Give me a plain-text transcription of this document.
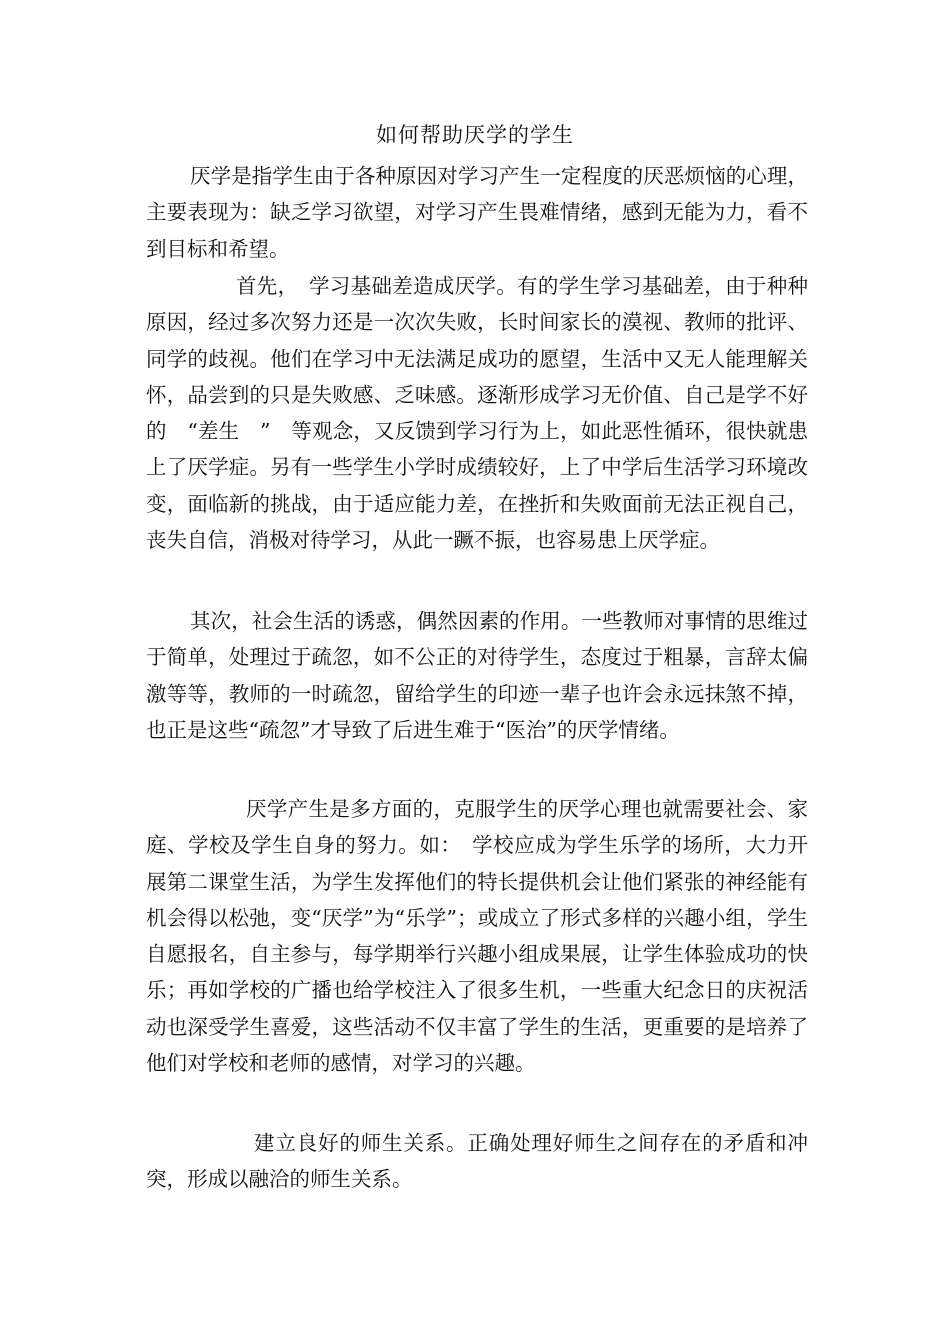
如何帮助厌学的学生

厌学是指学生由于各种原因对学习产生一定程度的厌恶烦恼的心理，主要表现为：缺乏学习欲望，对学习产生畏难情绪，感到无能为力，看不到目标和希望。

首先，　学习基础差造成厌学。有的学生学习基础差，由于种种原因，经过多次努力还是一次次失败，长时间家长的漠视、教师的批评、同学的歧视。他们在学习中无法满足成功的愿望，生活中又无人能理解关怀，品尝到的只是失败感、乏味感。逐渐形成学习无价值、自己是学不好的　“差生　”　等观念，又反馈到学习行为上，如此恶性循环，很快就患上了厌学症。另有一些学生小学时成绩较好，上了中学后生活学习环境改变，面临新的挑战，由于适应能力差，在挫折和失败面前无法正视自己，丧失自信，消极对待学习，从此一蹶不振，也容易患上厌学症。

其次，社会生活的诱惑，偶然因素的作用。一些教师对事情的思维过于简单，处理过于疏忽，如不公正的对待学生，态度过于粗暴，言辞太偏激等等，教师的一时疏忽，留给学生的印迹一辈子也许会永远抹煞不掉，也正是这些“疏忽”才导致了后进生难于“医治”的厌学情绪。

厌学产生是多方面的，克服学生的厌学心理也就需要社会、家庭、学校及学生自身的努力。如：　学校应成为学生乐学的场所，大力开展第二课堂生活，为学生发挥他们的特长提供机会让他们紧张的神经能有机会得以松弛，变“厌学”为“乐学”；或成立了形式多样的兴趣小组，学生自愿报名，自主参与，每学期举行兴趣小组成果展，让学生体验成功的快乐；再如学校的广播也给学校注入了很多生机，一些重大纪念日的庆祝活动也深受学生喜爱，这些活动不仅丰富了学生的生活，更重要的是培养了他们对学校和老师的感情，对学习的兴趣。

建立良好的师生关系。正确处理好师生之间存在的矛盾和冲突，形成以融洽的师生关系。
